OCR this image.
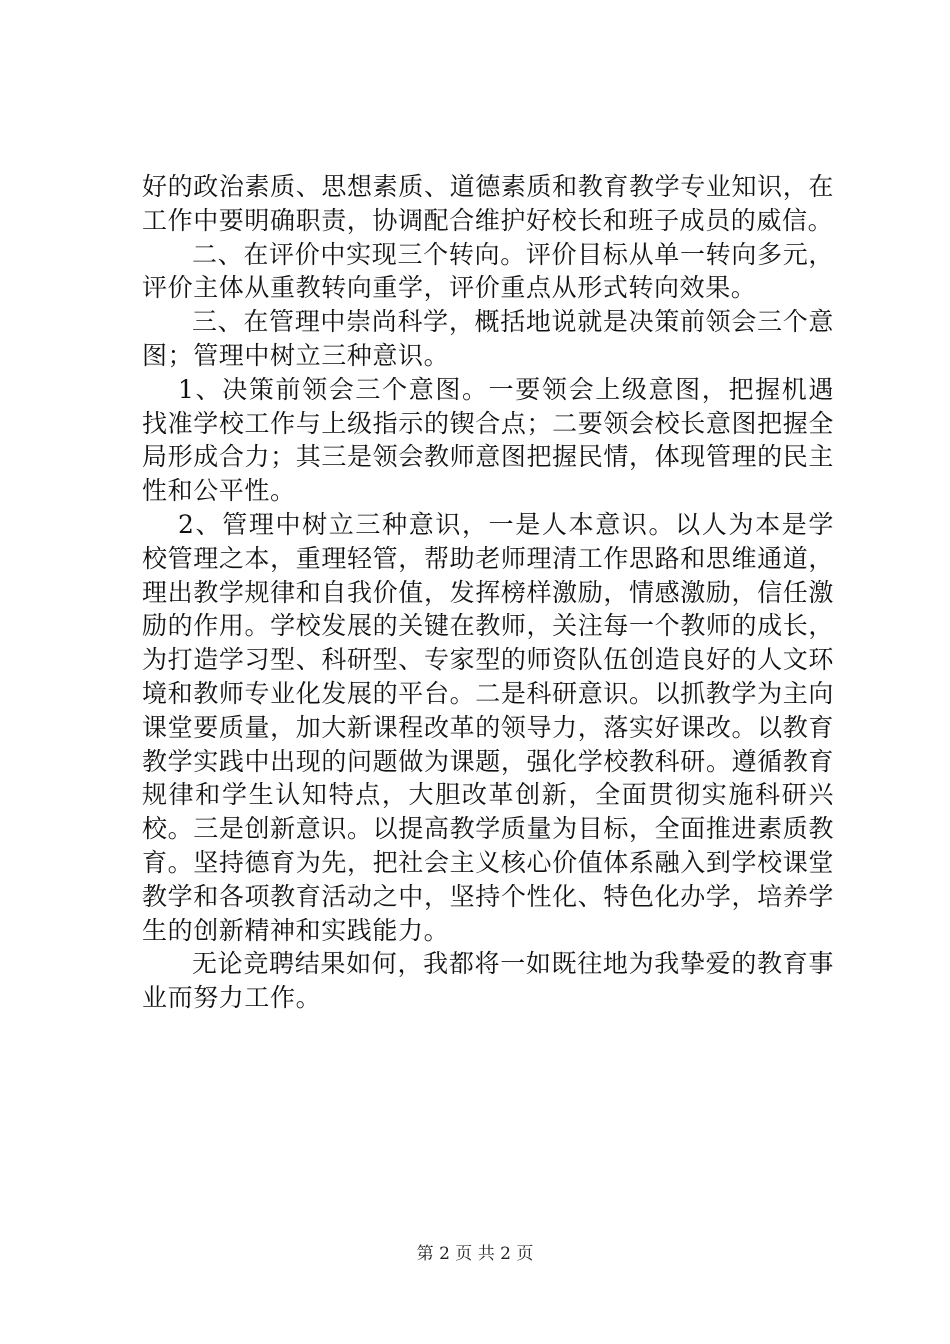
好的政治素质、思想素质、道德素质和教育教学专业知识，在工作中要明确职责，协调配合维护好校长和班子成员的威信。

二、在评价中实现三个转向。评价目标从单一转向多元，评价主体从重教转向重学，评价重点从形式转向效果。

三、在管理中崇尚科学，概括地说就是决策前领会三个意图；管理中树立三种意识。

1、决策前领会三个意图。一要领会上级意图，把握机遇找准学校工作与上级指示的锲合点；二要领会校长意图把握全局形成合力；其三是领会教师意图把握民情，体现管理的民主性和公平性。

2、管理中树立三种意识，一是人本意识。以人为本是学校管理之本，重理轻管，帮助老师理清工作思路和思维通道，理出教学规律和自我价值，发挥榜样激励，情感激励，信任激励的作用。学校发展的关键在教师，关注每一个教师的成长，为打造学习型、科研型、专家型的师资队伍创造良好的人文环境和教师专业化发展的平台。二是科研意识。以抓教学为主向课堂要质量，加大新课程改革的领导力，落实好课改。以教育教学实践中出现的问题做为课题，强化学校教科研。遵循教育规律和学生认知特点，大胆改革创新，全面贯彻实施科研兴校。三是创新意识。以提高教学质量为目标，全面推进素质教育。坚持德育为先，把社会主义核心价值体系融入到学校课堂教学和各项教育活动之中，坚持个性化、特色化办学，培养学生的创新精神和实践能力。

无论竞聘结果如何，我都将一如既往地为我挚爱的教育事业而努力工作。

第 2 页 共 2 页
